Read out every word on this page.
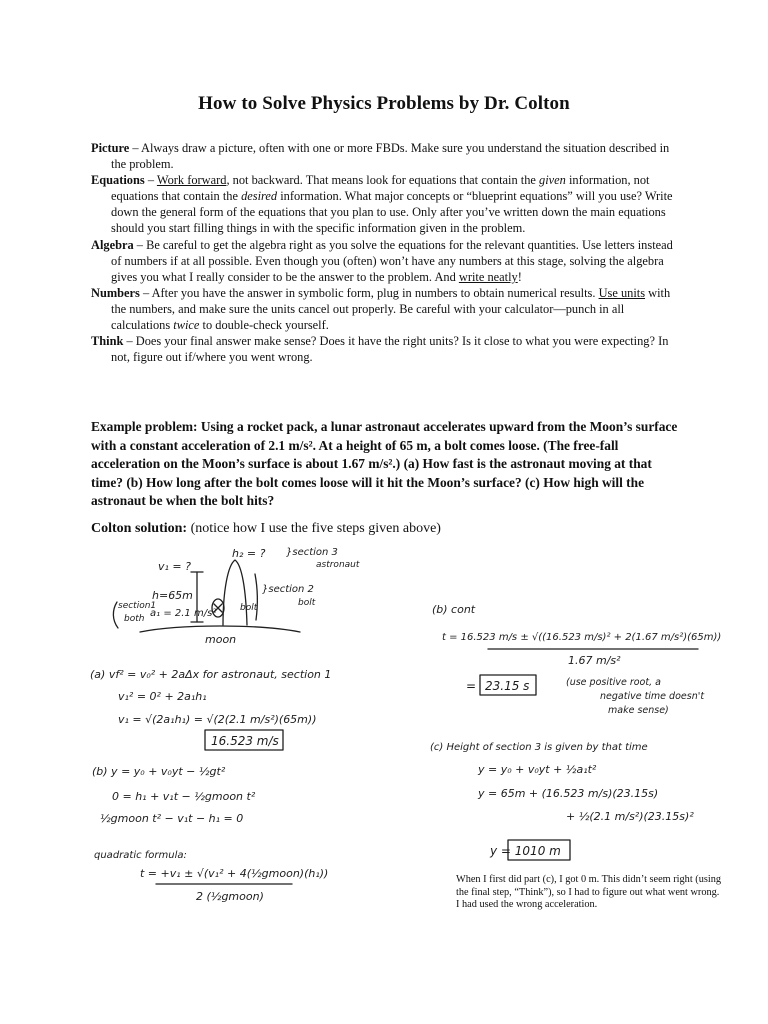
How to Solve Physics Problems by Dr. Colton

Picture – Always draw a picture, often with one or more FBDs. Make sure you understand the situation described in the problem.

Equations – Work forward, not backward. That means look for equations that contain the given information, not equations that contain the desired information. What major concepts or “blueprint equations” will you use? Write down the general form of the equations that you plan to use. Only after you’ve written down the main equations should you start filling things in with the specific information given in the problem.

Algebra – Be careful to get the algebra right as you solve the equations for the relevant quantities. Use letters instead of numbers if at all possible. Even though you (often) won’t have any numbers at this stage, solving the algebra gives you what I really consider to be the answer to the problem. And write neatly!

Numbers – After you have the answer in symbolic form, plug in numbers to obtain numerical results. Use units with the numbers, and make sure the units cancel out properly. Be careful with your calculator—punch in all calculations twice to double-check yourself.

Think – Does your final answer make sense? Does it have the right units? Is it close to what you were expecting? In not, figure out if/where you went wrong.

Example problem: Using a rocket pack, a lunar astronaut accelerates upward from the Moon’s surface with a constant acceleration of 2.1 m/s². At a height of 65 m, a bolt comes loose. (The free-fall acceleration on the Moon’s surface is about 1.67 m/s².) (a) How fast is the astronaut moving at that time? (b) How long after the bolt comes loose will it hit the Moon’s surface? (c) How high will the astronaut be when the bolt hits?

Colton solution: (notice how I use the five steps given above)

v₁ = ?
h₂ = ? }section 3
astronaut
h=65m
a₁ = 2.1 m/s²
section1
both
}section 2
bolt
bolt
moon
(a) vf² = v₀² + 2aΔx for astronaut, section 1
v₁² = 0² + 2a₁h₁
v₁ = √(2a₁h₁) = √(2(2.1 m/s²)(65m))
16.523 m/s
(b) y = y₀ + v₀yt − ½gt²
0 = h₁ + v₁t − ½gmoon t²
½gmoon t² − v₁t − h₁ = 0
quadratic formula:
t = +v₁ ± √(v₁² + 4(½gmoon)(h₁))
2 (½gmoon)
(b) cont
t = 16.523 m/s ± √((16.523 m/s)² + 2(1.67 m/s²)(65m))
1.67 m/s²
= 23.15 s	(use positive root, a
negative time doesn't
make sense)
(c) Height of section 3 is given by that time
y = y₀ + v₀yt + ½a₁t²
y = 65m + (16.523 m/s)(23.15s)
+ ½(2.1 m/s²)(23.15s)²
y = 1010 m

When I first did part (c), I got 0 m. This didn’t seem right (using the final step, “Think”), so I had to figure out what went wrong. I had used the wrong acceleration.
